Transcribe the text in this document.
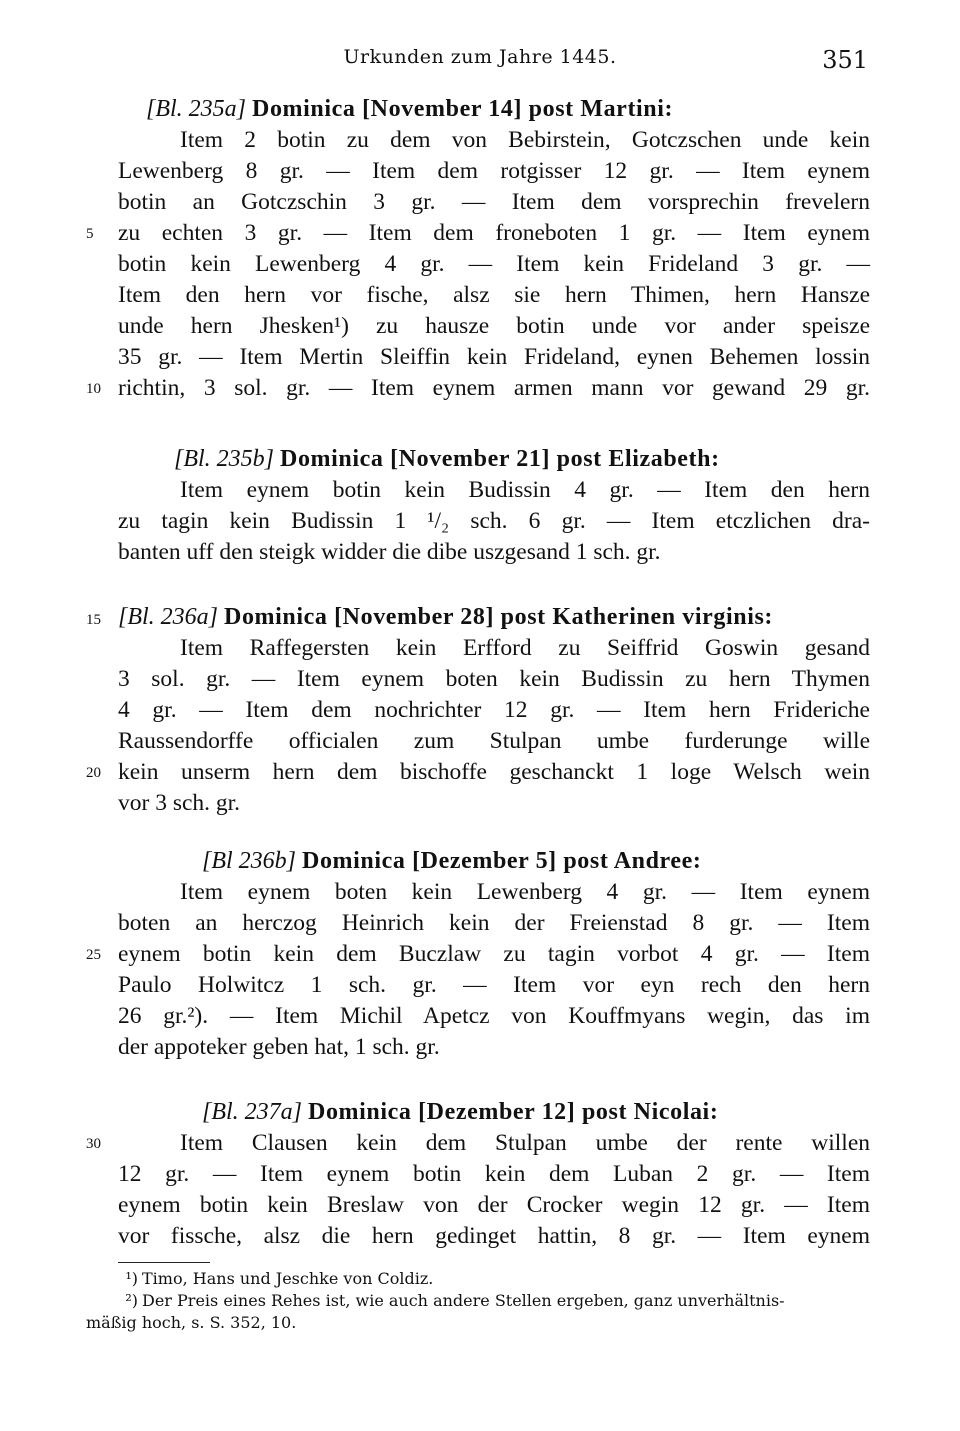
Urkunden zum Jahre 1445.	351
[Bl. 235a] Dominica [November 14] post Martini:
Item 2 botin zu dem von Bebirstein, Gotczschen unde kein
Lewenberg 8 gr. — Item dem rotgisser 12 gr. — Item eynem
botin an Gotczschin 3 gr. — Item dem vorsprechin frevelern
5 zu echten 3 gr. — Item dem froneboten 1 gr. — Item eynem
botin kein Lewenberg 4 gr. — Item kein Frideland 3 gr. —
Item den hern vor fische, alsz sie hern Thimen, hern Hansze
unde hern Jhesken¹) zu hausze botin unde vor ander speisze
35 gr. — Item Mertin Sleiffin kein Frideland, eynen Behemen lossin
10 richtin, 3 sol. gr. — Item eynem armen mann vor gewand 29 gr.
[Bl. 235b] Dominica [November 21] post Elizabeth:
Item eynem botin kein Budissin 4 gr. — Item den hern
zu tagin kein Budissin 1 ¹/₂ sch. 6 gr. — Item etczlichen dra-
banten uff den steigk widder die dibe uszgesand 1 sch. gr.
15 [Bl. 236a] Dominica [November 28] post Katherinen virginis:
Item Raffegersten kein Erfford zu Seiffrid Goswin gesand
3 sol. gr. — Item eynem boten kein Budissin zu hern Thymen
4 gr. — Item dem nochrichter 12 gr. — Item hern Frideriche
Raussendorffe officialen zum Stulpan umbe furderunge wille
20 kein unserm hern dem bischoffe geschanckt 1 loge Welsch wein
vor 3 sch. gr.
[Bl 236b] Dominica [Dezember 5] post Andree:
Item eynem boten kein Lewenberg 4 gr. — Item eynem
boten an herczog Heinrich kein der Freienstad 8 gr. — Item
25 eynem botin kein dem Buczlaw zu tagin vorbot 4 gr. — Item
Paulo Holwitcz 1 sch. gr. — Item vor eyn rech den hern
26 gr.²). — Item Michil Apetcz von Kouffmyans wegin, das im
der appoteker geben hat, 1 sch. gr.
[Bl. 237a] Dominica [Dezember 12] post Nicolai:
30	Item Clausen kein dem Stulpan umbe der rente willen
12 gr. — Item eynem botin kein dem Luban 2 gr. — Item
eynem botin kein Breslaw von der Crocker wegin 12 gr. — Item
vor fissche, alsz die hern gedinget hattin, 8 gr. — Item eynem
¹) Timo, Hans und Jeschke von Coldiz.
²) Der Preis eines Rehes ist, wie auch andere Stellen ergeben, ganz unverhältnis-
mäßig hoch, s. S. 352, 10.
